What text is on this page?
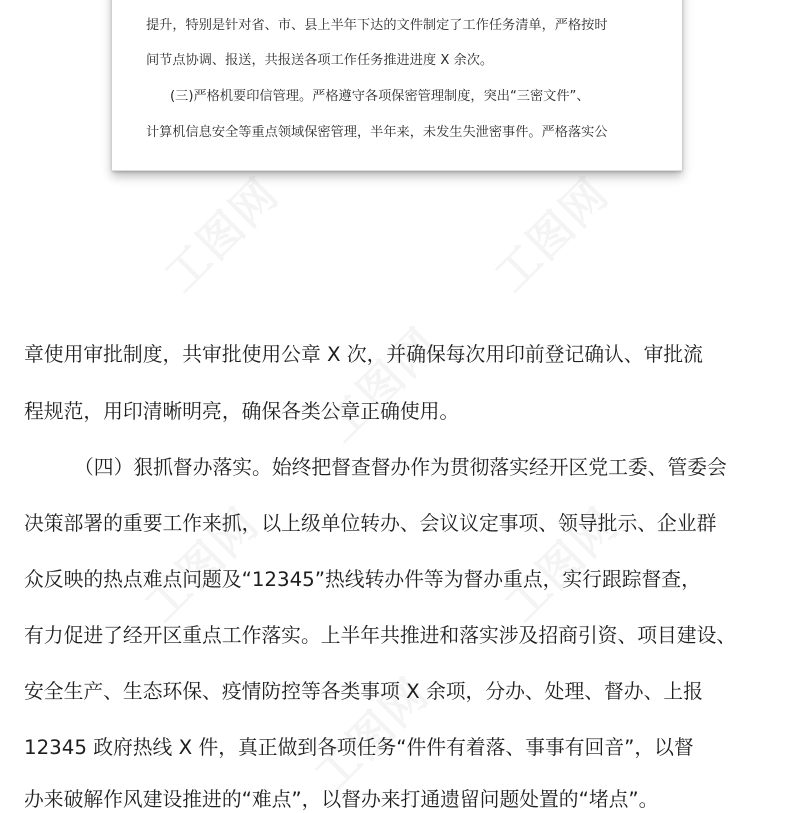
提升，特别是针对省、市、县上半年下达的文件制定了工作任务清单，严格按时
间节点协调、报送，共报送各项工作任务推进进度 X 余次。
(三)严格机要印信管理。严格遵守各项保密管理制度，突出“三密文件”、
计算机信息安全等重点领域保密管理，半年来，未发生失泄密事件。严格落实公
章使用审批制度，共审批使用公章 X 次，并确保每次用印前登记确认、审批流
程规范，用印清晰明亮，确保各类公章正确使用。
（四）狠抓督办落实。始终把督查督办作为贯彻落实经开区党工委、管委会
决策部署的重要工作来抓，以上级单位转办、会议议定事项、领导批示、企业群
众反映的热点难点问题及“12345”热线转办件等为督办重点，实行跟踪督查，
有力促进了经开区重点工作落实。上半年共推进和落实涉及招商引资、项目建设、
安全生产、生态环保、疫情防控等各类事项 X 余项，分办、处理、督办、上报
12345 政府热线 X 件，真正做到各项任务“件件有着落、事事有回音”，以督
办来破解作风建设推进的“难点”，以督办来打通遗留问题处置的“堵点”。
